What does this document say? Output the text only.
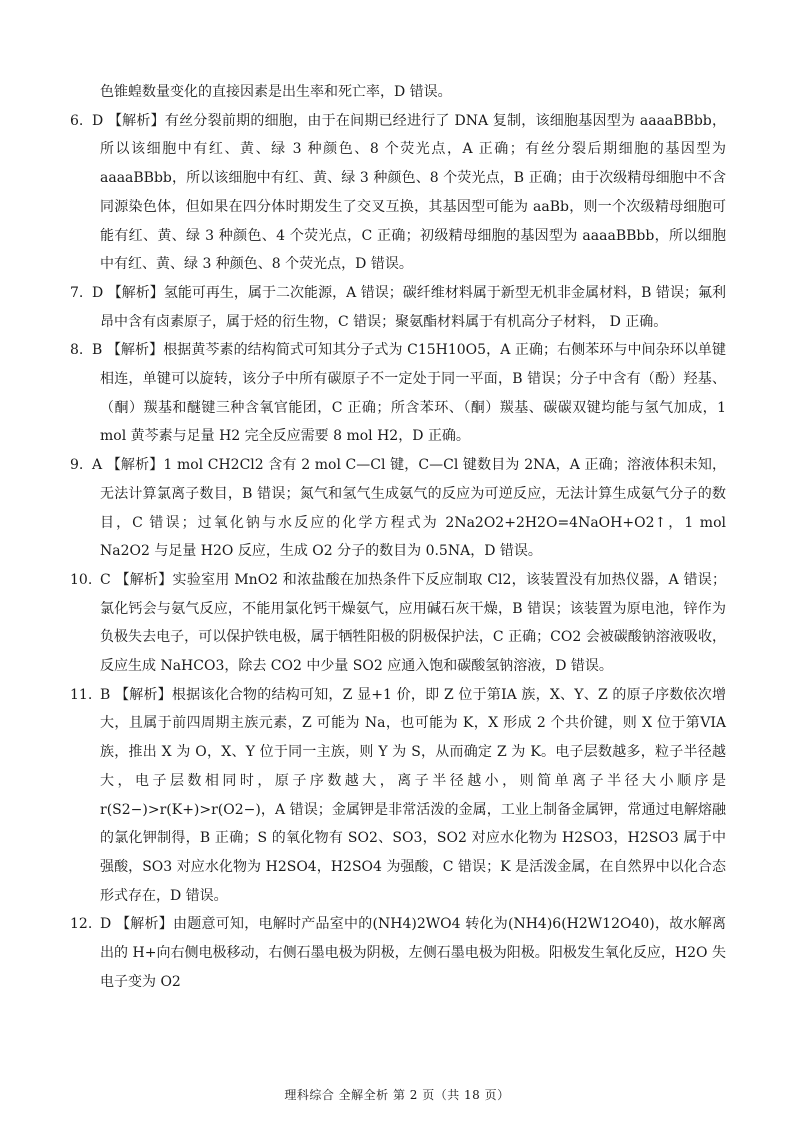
色锥蝗数量变化的直接因素是出生率和死亡率，D 错误。

6. D 【解析】有丝分裂前期的细胞，由于在间期已经进行了 DNA 复制，该细胞基因型为 aaaaBBbb，所以该细胞中有红、黄、绿 3 种颜色、8 个荧光点，A 正确；有丝分裂后期细胞的基因型为 aaaaBBbb，所以该细胞中有红、黄、绿 3 种颜色、8 个荧光点，B 正确；由于次级精母细胞中不含同源染色体，但如果在四分体时期发生了交叉互换，其基因型可能为 aaBb，则一个次级精母细胞可能有红、黄、绿 3 种颜色、4 个荧光点，C 正确；初级精母细胞的基因型为 aaaaBBbb，所以细胞中有红、黄、绿 3 种颜色、8 个荧光点，D 错误。

7. D 【解析】氢能可再生，属于二次能源，A 错误；碳纤维材料属于新型无机非金属材料，B 错误；氟利昂中含有卤素原子，属于烃的衍生物，C 错误；聚氨酯材料属于有机高分子材料， D 正确。

8. B 【解析】根据黄芩素的结构简式可知其分子式为 C15H10O5，A 正确；右侧苯环与中间杂环以单键相连，单键可以旋转，该分子中所有碳原子不一定处于同一平面，B 错误；分子中含有（酚）羟基、（酮）羰基和醚键三种含氧官能团，C 正确；所含苯环、（酮）羰基、碳碳双键均能与氢气加成，1 mol 黄芩素与足量 H2 完全反应需要 8 mol H2，D 正确。

9. A 【解析】1 mol CH2Cl2 含有 2 mol C—Cl 键，C—Cl 键数目为 2NA，A 正确；溶液体积未知，无法计算氯离子数目，B 错误；氮气和氢气生成氨气的反应为可逆反应，无法计算生成氨气分子的数目，C 错误；过氧化钠与水反应的化学方程式为 2Na2O2+2H2O=4NaOH+O2↑，1 mol Na2O2 与足量 H2O 反应，生成 O2 分子的数目为 0.5NA，D 错误。

10. C 【解析】实验室用 MnO2 和浓盐酸在加热条件下反应制取 Cl2，该装置没有加热仪器，A 错误；氯化钙会与氨气反应，不能用氯化钙干燥氨气，应用碱石灰干燥，B 错误；该装置为原电池，锌作为负极失去电子，可以保护铁电极，属于牺牲阳极的阴极保护法，C 正确；CO2 会被碳酸钠溶液吸收，反应生成 NaHCO3，除去 CO2 中少量 SO2 应通入饱和碳酸氢钠溶液，D 错误。

11. B 【解析】根据该化合物的结构可知，Z 显+1 价，即 Z 位于第IA 族，X、Y、Z 的原子序数依次增大，且属于前四周期主族元素，Z 可能为 Na，也可能为 K，X 形成 2 个共价键，则 X 位于第VIA 族，推出 X 为 O，X、Y 位于同一主族，则 Y 为 S，从而确定 Z 为 K。电子层数越多，粒子半径越大，电子层数相同时，原子序数越大，离子半径越小，则简单离子半径大小顺序是 r(S2−)>r(K+)>r(O2−)，A 错误；金属钾是非常活泼的金属，工业上制备金属钾，常通过电解熔融的氯化钾制得，B 正确；S 的氧化物有 SO2、SO3，SO2 对应水化物为 H2SO3，H2SO3 属于中强酸，SO3 对应水化物为 H2SO4，H2SO4 为强酸，C 错误；K 是活泼金属，在自然界中以化合态形式存在，D 错误。

12. D 【解析】由题意可知，电解时产品室中的(NH4)2WO4 转化为(NH4)6(H2W12O40)，故水解离出的 H+向右侧电极移动，右侧石墨电极为阴极，左侧石墨电极为阳极。阳极发生氧化反应，H2O 失电子变为 O2

理科综合 全解全析 第 2 页（共 18 页）
